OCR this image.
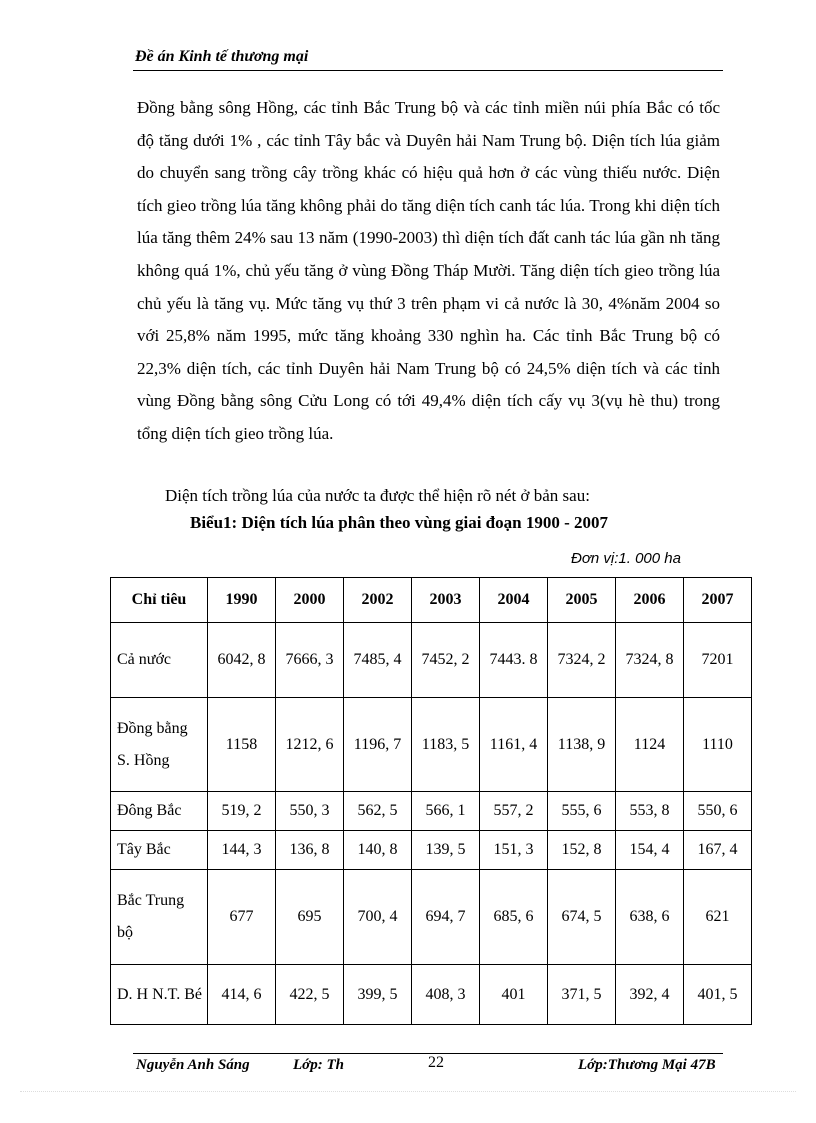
Đề án Kinh tế thương mại

Đồng bằng sông Hồng, các tỉnh Bắc Trung bộ và các tỉnh miền núi phía Bắc có tốc độ tăng dưới 1% , các tỉnh Tây bắc và Duyên hải Nam Trung bộ. Diện tích lúa giảm do chuyển sang trồng cây trồng khác có hiệu quả hơn ở các vùng thiếu nước. Diện tích gieo trồng lúa tăng không phải do tăng diện tích canh tác lúa. Trong khi diện tích lúa tăng thêm 24% sau 13 năm (1990-2003) thì diện tích đất canh tác lúa gần nh tăng không quá 1%, chủ yếu tăng ở vùng Đồng Tháp Mười. Tăng diện tích gieo trồng lúa chủ yếu là tăng vụ. Mức tăng vụ thứ 3 trên phạm vi cả nước là 30, 4%năm 2004 so với 25,8% năm 1995, mức tăng khoảng 330 nghìn ha. Các tỉnh Bắc Trung bộ có 22,3% diện tích, các tỉnh Duyên hải Nam Trung bộ có 24,5% diện tích và các tỉnh vùng Đồng bằng sông Cửu Long có tới 49,4% diện tích cấy vụ 3(vụ hè thu) trong tổng diện tích gieo trồng lúa.

Diện tích trồng lúa của nước ta được thể hiện rõ nét ở bản sau:

Biểu1: Diện tích lúa phân theo vùng giai đoạn 1900 - 2007
Đơn vị:1. 000 ha
Chỉ tiêu	1990	2000	2002	2003	2004	2005	2006	2007
Cả nước	6042, 8	7666, 3	7485, 4	7452, 2	7443. 8	7324, 2	7324, 8	7201
Đồng bằng S. Hồng	1158	1212, 6	1196, 7	1183, 5	1161, 4	1138, 9	1124	1110
Đông Bắc	519, 2	550, 3	562, 5	566, 1	557, 2	555, 6	553, 8	550, 6
Tây Bắc	144, 3	136, 8	140, 8	139, 5	151, 3	152, 8	154, 4	167, 4
Bắc Trung bộ	677	695	700, 4	694, 7	685, 6	674, 5	638, 6	621
D. H N.T. Bé	414, 6	422, 5	399, 5	408, 3	401	371, 5	392, 4	401, 5
Nguyễn Anh Sáng	Lớp: Th	22	Lớp:Thương Mại 47B
